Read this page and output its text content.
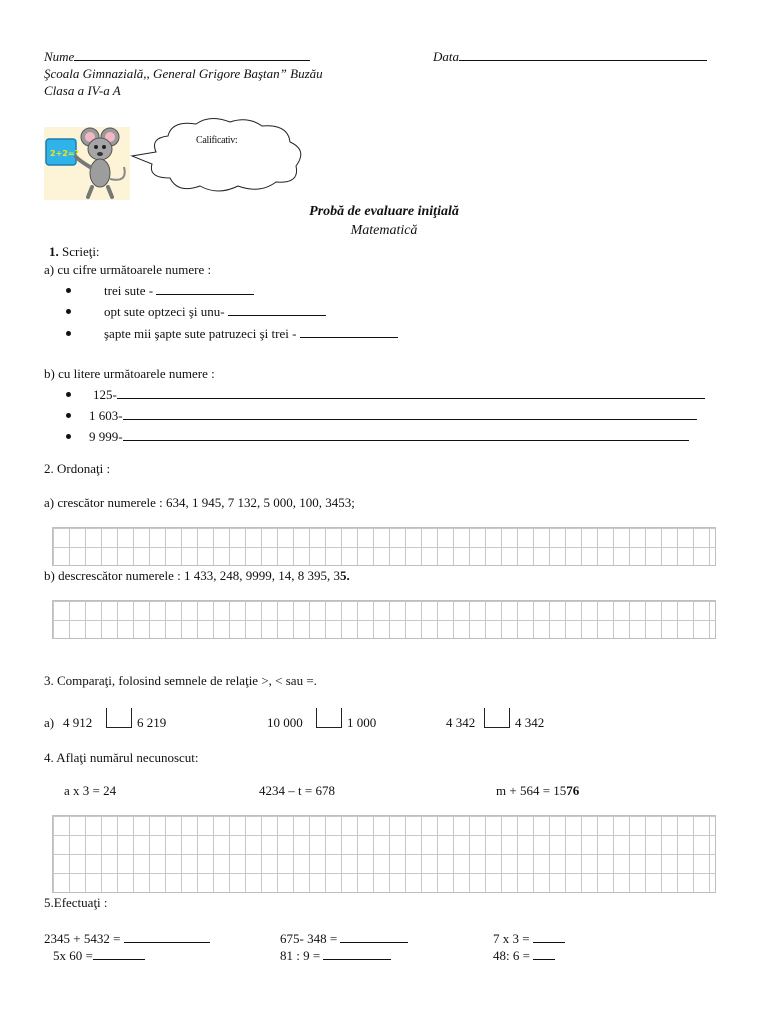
Nume	Data
Şcoala Gimnazială,, General Grigore Baştan” Buzău
Clasa a IV-a A
2+2=?
Calificativ:
Probă de evaluare iniţială
Matematică
1. Scrieţi:
a) cu cifre următoarele numere :
trei sute -
opt sute optzeci şi unu-
şapte mii şapte sute patruzeci şi trei -
b) cu litere următoarele numere :
125-
1 603-
9 999-
2. Ordonaţi :
a) crescător numerele : 634, 1 945, 7 132, 5 000, 100, 3453;
b) descrescător numerele : 1 433, 248, 9999, 14, 8 395, 35.
3. Comparaţi, folosind semnele de relaţie >, < sau =.
a) 4 912	6 219	10 000	1 000	4 342	4 342
4. Aflaţi numărul necunoscut:
a x 3 = 24	4234 – t = 678	m + 564 = 1576
5.Efectuaţi :
2345 + 5432 =	675- 348 =	7 x 3 =
5x 60 =	81 : 9 =	48: 6 =
